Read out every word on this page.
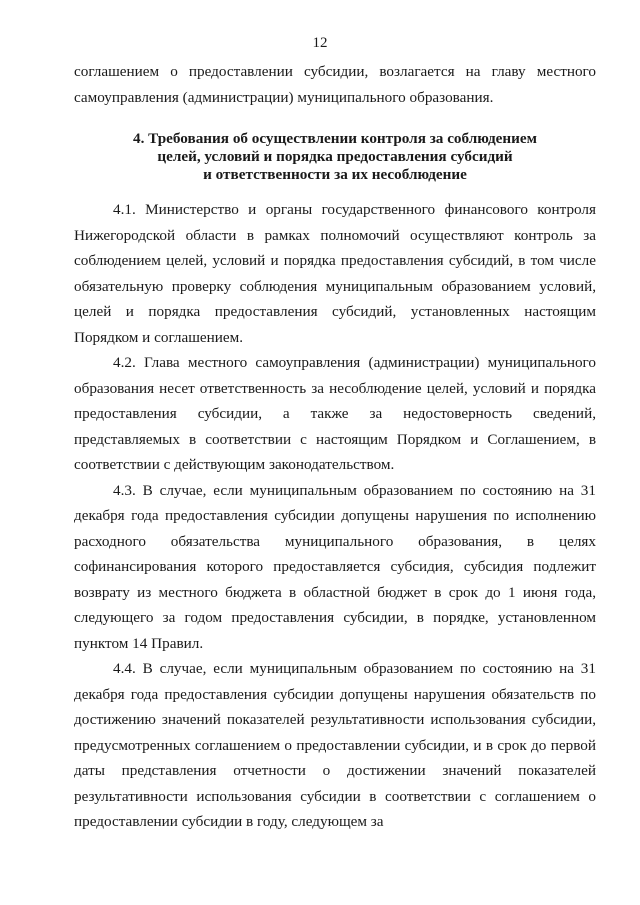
12

соглашением о предоставлении субсидии, возлагается на главу местного самоуправления (администрации) муниципального образования.

4. Требования об осуществлении контроля за соблюдением
целей, условий и порядка предоставления субсидий
и ответственности за их несоблюдение

4.1. Министерство и органы государственного финансового контроля Нижегородской области в рамках полномочий осуществляют контроль за соблюдением целей, условий и порядка предоставления субсидий, в том числе обязательную проверку соблюдения муниципальным образованием условий, целей и порядка предоставления субсидий, установленных настоящим Порядком и соглашением.

4.2. Глава местного самоуправления (администрации) муниципального образования несет ответственность за несоблюдение целей, условий и порядка предоставления субсидии, а также за недостоверность сведений, представляемых в соответствии с настоящим Порядком и Соглашением, в соответствии с действующим законодательством.

4.3. В случае, если муниципальным образованием по состоянию на 31 декабря года предоставления субсидии допущены нарушения по исполнению расходного обязательства муниципального образования, в целях софинансирования которого предоставляется субсидия, субсидия подлежит возврату из местного бюджета в областной бюджет в срок до 1 июня года, следующего за годом предоставления субсидии, в порядке, установленном пунктом 14 Правил.

4.4. В случае, если муниципальным образованием по состоянию на 31 декабря года предоставления субсидии допущены нарушения обязательств по достижению значений показателей результативности использования субсидии, предусмотренных соглашением о предоставлении субсидии, и в срок до первой даты представления отчетности о достижении значений показателей результативности использования субсидии в соответствии с соглашением о предоставлении субсидии в году, следующем за
